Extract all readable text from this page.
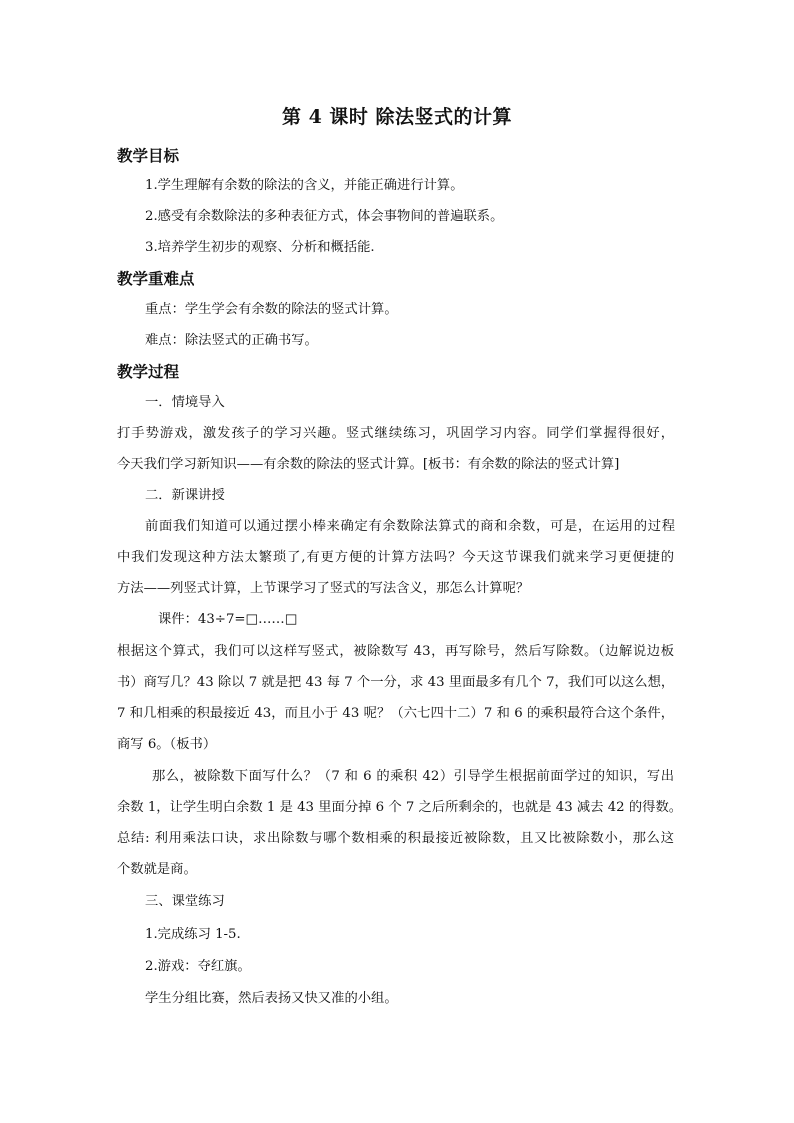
第 4 课时 除法竖式的计算
教学目标
1.学生理解有余数的除法的含义，并能正确进行计算。
2.感受有余数除法的多种表征方式，体会事物间的普遍联系。
3.培养学生初步的观察、分析和概括能.
教学重难点
重点：学生学会有余数的除法的竖式计算。
难点：除法竖式的正确书写。
教学过程
一．情境导入
打手势游戏，激发孩子的学习兴趣。竖式继续练习，巩固学习内容。同学们掌握得很好，
今天我们学习新知识——有余数的除法的竖式计算。[板书：有余数的除法的竖式计算]
二．新课讲授
前面我们知道可以通过摆小棒来确定有余数除法算式的商和余数，可是，在运用的过程
中我们发现这种方法太繁琐了,有更方便的计算方法吗？今天这节课我们就来学习更便捷的
方法——列竖式计算，上节课学习了竖式的写法含义，那怎么计算呢？
课件：43÷7=□……□
根据这个算式，我们可以这样写竖式，被除数写 43，再写除号，然后写除数。（边解说边板
书）商写几？43 除以 7 就是把 43 每 7 个一分，求 43 里面最多有几个 7，我们可以这么想，
7 和几相乘的积最接近 43，而且小于 43 呢？（六七四十二）7 和 6 的乘积最符合这个条件，
商写 6。（板书）
那么，被除数下面写什么？（7 和 6 的乘积 42）引导学生根据前面学过的知识，写出
余数 1，让学生明白余数 1 是 43 里面分掉 6 个 7 之后所剩余的，也就是 43 减去 42 的得数。
总结: 利用乘法口诀，求出除数与哪个数相乘的积最接近被除数，且又比被除数小，那么这
个数就是商。
三、课堂练习
1.完成练习 1-5.
2.游戏：夺红旗。
学生分组比赛，然后表扬又快又准的小组。
